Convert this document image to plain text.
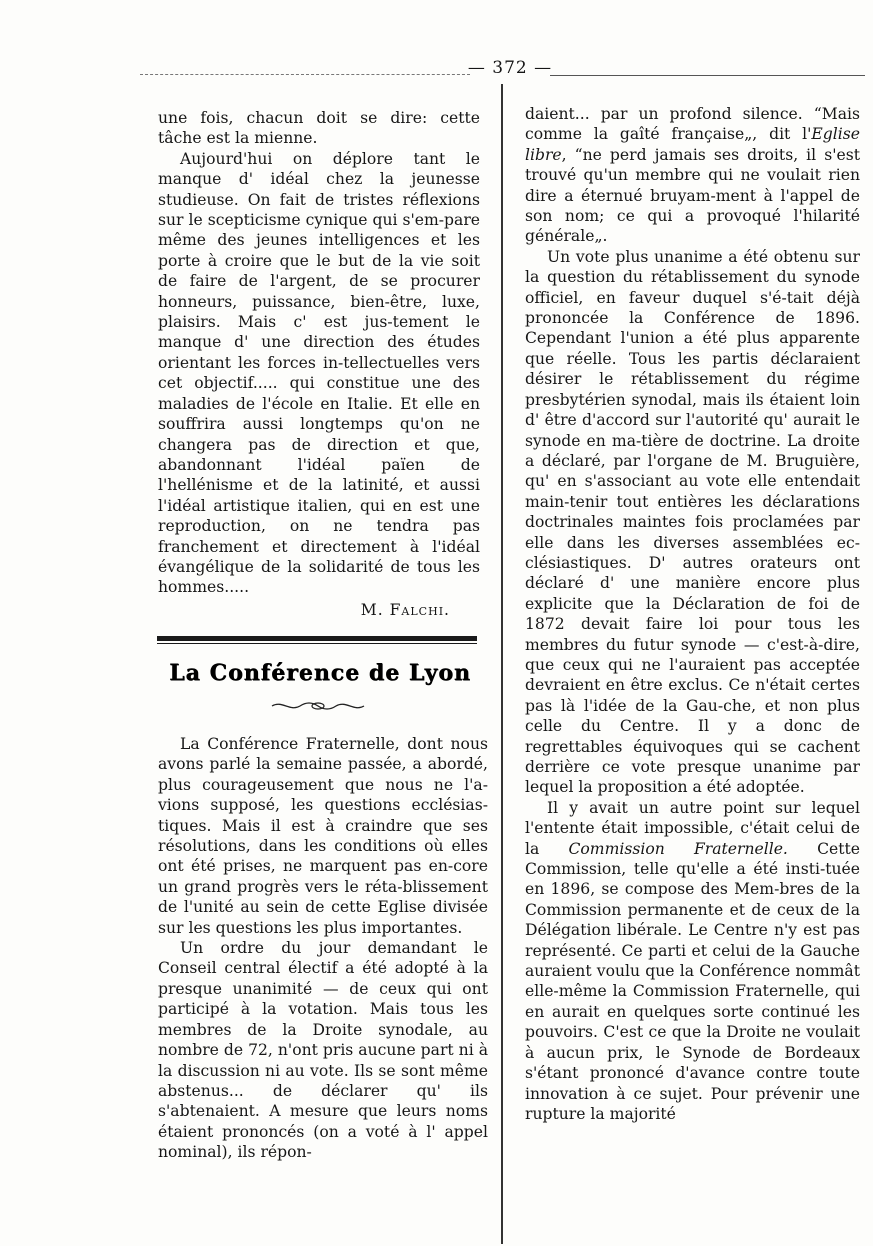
— 372 —

une fois, chacun doit se dire: cette tâche est la mienne.

Aujourd'hui on déplore tant le manque d' idéal chez la jeunesse studieuse. On fait de tristes réflexions sur le scepticisme cynique qui s'em-pare même des jeunes intelligences et les porte à croire que le but de la vie soit de faire de l'argent, de se procurer honneurs, puissance, bien-être, luxe, plaisirs. Mais c' est jus-tement le manque d' une direction des études orientant les forces in-tellectuelles vers cet objectif..... qui constitue une des maladies de l'école en Italie. Et elle en souffrira aussi longtemps qu'on ne changera pas de direction et que, abandonnant l'idéal païen de l'hellénisme et de la latinité, et aussi l'idéal artistique italien, qui en est une reproduction, on ne tendra pas franchement et directement à l'idéal évangélique de la solidarité de tous les hommes.....

M. Falchi.
La Conférence de Lyon

La Conférence Fraternelle, dont nous avons parlé la semaine passée, a abordé, plus courageusement que nous ne l'a-vions supposé, les questions ecclésias-tiques. Mais il est à craindre que ses résolutions, dans les conditions où elles ont été prises, ne marquent pas en-core un grand progrès vers le réta-blissement de l'unité au sein de cette Eglise divisée sur les questions les plus importantes.

Un ordre du jour demandant le Conseil central électif a été adopté à la presque unanimité — de ceux qui ont participé à la votation. Mais tous les membres de la Droite synodale, au nombre de 72, n'ont pris aucune part ni à la discussion ni au vote. Ils se sont même abstenus... de déclarer qu' ils s'abtenaient. A mesure que leurs noms étaient prononcés (on a voté à l' appel nominal), ils répon-

daient... par un profond silence. “Mais comme la gaîté française„, dit l'Eglise libre, “ne perd jamais ses droits, il s'est trouvé qu'un membre qui ne voulait rien dire a éternué bruyam-ment à l'appel de son nom; ce qui a provoqué l'hilarité générale„.

Un vote plus unanime a été obtenu sur la question du rétablissement du synode officiel, en faveur duquel s'é-tait déjà prononcée la Conférence de 1896. Cependant l'union a été plus apparente que réelle. Tous les partis déclaraient désirer le rétablissement du régime presbytérien synodal, mais ils étaient loin d' être d'accord sur l'autorité qu' aurait le synode en ma-tière de doctrine. La droite a déclaré, par l'organe de M. Bruguière, qu' en s'associant au vote elle entendait main-tenir tout entières les déclarations doctrinales maintes fois proclamées par elle dans les diverses assemblées ec-clésiastiques. D' autres orateurs ont déclaré d' une manière encore plus explicite que la Déclaration de foi de 1872 devait faire loi pour tous les membres du futur synode — c'est-à-dire, que ceux qui ne l'auraient pas acceptée devraient en être exclus. Ce n'était certes pas là l'idée de la Gau-che, et non plus celle du Centre. Il y a donc de regrettables équivoques qui se cachent derrière ce vote presque unanime par lequel la proposition a été adoptée.

Il y avait un autre point sur lequel l'entente était impossible, c'était celui de la Commission Fraternelle. Cette Commission, telle qu'elle a été insti-tuée en 1896, se compose des Mem-bres de la Commission permanente et de ceux de la Délégation libérale. Le Centre n'y est pas représenté. Ce parti et celui de la Gauche auraient voulu que la Conférence nommât elle-même la Commission Fraternelle, qui en aurait en quelques sorte continué les pouvoirs. C'est ce que la Droite ne voulait à aucun prix, le Synode de Bordeaux s'étant prononcé d'avance contre toute innovation à ce sujet. Pour prévenir une rupture la majorité
